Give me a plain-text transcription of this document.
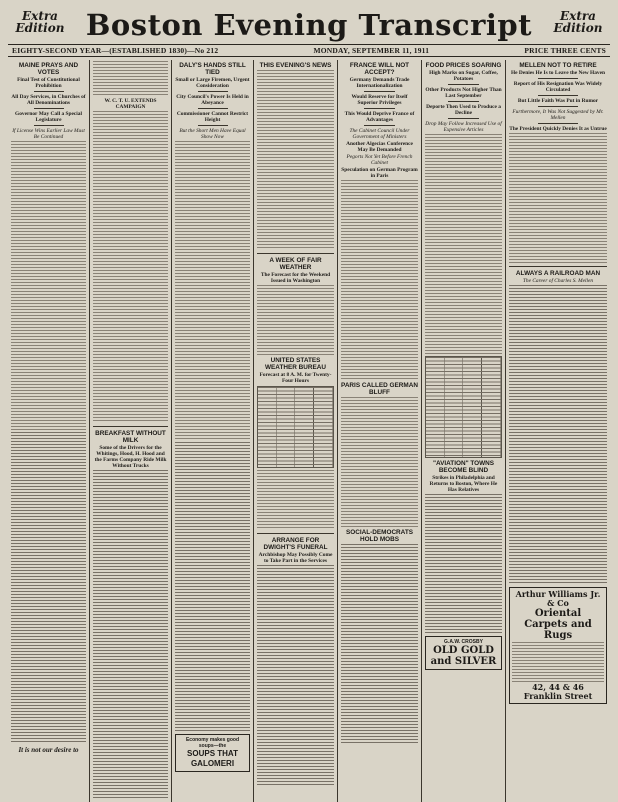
Extra Edition Boston Evening Transcript	Extra Edition
EIGHTY-SECOND YEAR—(ESTABLISHED 1830)—No 212	MONDAY, SEPTEMBER 11, 1911	PRICE THREE CENTS
MAINE PRAYS AND VOTES
Final Test of Constitutional Prohibition
All Day Services, in Churches of All Denominations
Governor May Call a Special Legislature
If License Wins Earlier Law Must Be Continued
It is not our desire to
W. C. T. U. EXTENDS CAMPAIGN
BREAKFAST WITHOUT MILK
Some of the Drivers for the Whitings, Hood, H. Hood and the Farms Company Ride Milk Without Trucks
DALY'S HANDS STILL TIED
Small or Large Firemen, Urgent Consideration
City Council's Power Is Held in Abeyance
Commissioner Cannot Restrict Height
But the Short Men Have Equal Show Now
Economy makes good soups—the
SOUPS THAT GALOMERI
THIS EVENING'S NEWS
A WEEK OF FAIR WEATHER
The Forecast for the Weekend Issued in Washington
UNITED STATES WEATHER BUREAU
Forecast at 8 A. M. for Twenty-Four Hours
ARRANGE FOR DWIGHT'S FUNERAL
Archbishop May Possibly Come to Take Part in the Services
FRANCE WILL NOT ACCEPT?
Germany Demands Trade Internationalization
Would Reserve for Itself Superior Privileges
This Would Deprive France of Advantages
The Cabinet Council Under Government of Ministers
Another Algecias Conference May Be Demanded
Pegorts Not Yet Before French Cabinet
Speculation on German Program in Paris
PARIS CALLED GERMAN BLUFF
SOCIAL-DEMOCRATS HOLD MOBS
FOOD PRICES SOARING
High Marks on Sugar, Coffee, Potatoes
Other Products Not Higher Than Last September
Deporte Then Used to Produce a Decline
Drop May Follow Increased Use of Expensive Articles
"AVIATION" TOWNS BECOME BLIND
Strikes in Philadelphia and Returns to Boston, Where He Has Relatives
G.A.W. CROSBY
OLD GOLD and SILVER
MELLEN NOT TO RETIRE
He Denies He Is to Leave the New Haven
Report of His Resignation Was Widely Circulated
But Little Faith Was Put in Rumor
Furthermore, It Was Not Suggested by Mr. Mellen
The President Quickly Denies It as Untrue
ALWAYS A RAILROAD MAN
The Career of Charles S. Mellen
Arthur Williams Jr. & Co
Oriental Carpets and Rugs
42, 44 & 46 Franklin Street
